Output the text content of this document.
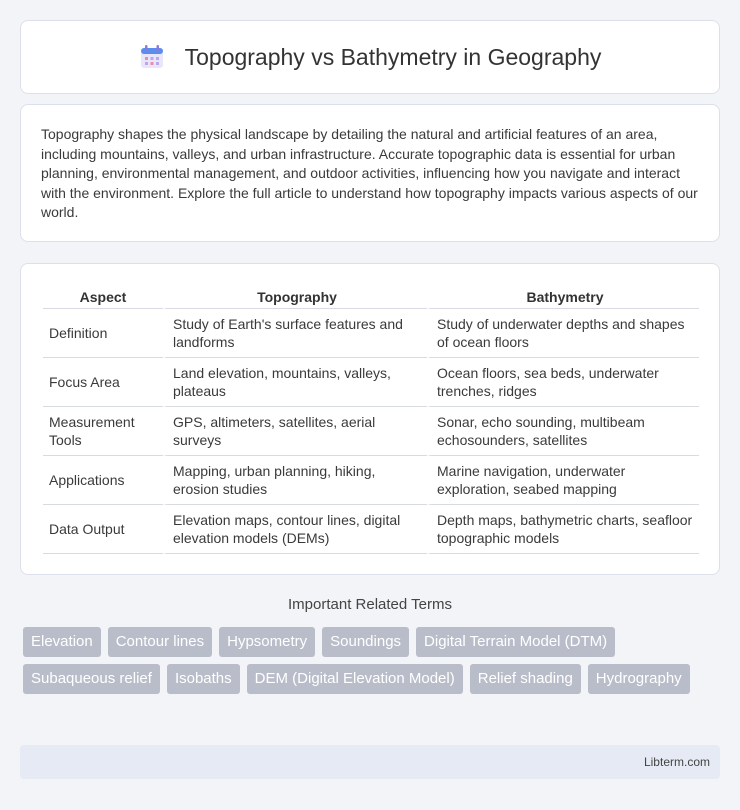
Topography vs Bathymetry in Geography

Topography shapes the physical landscape by detailing the natural and artificial features of an area, including mountains, valleys, and urban infrastructure. Accurate topographic data is essential for urban planning, environmental management, and outdoor activities, influencing how you navigate and interact with the environment. Explore the full article to understand how topography impacts various aspects of our world.

Aspect	Topography	Bathymetry
Definition	Study of Earth's surface features and landforms	Study of underwater depths and shapes of ocean floors
Focus Area	Land elevation, mountains, valleys, plateaus	Ocean floors, sea beds, underwater trenches, ridges
Measurement Tools	GPS, altimeters, satellites, aerial surveys	Sonar, echo sounding, multibeam echosounders, satellites
Applications	Mapping, urban planning, hiking, erosion studies	Marine navigation, underwater exploration, seabed mapping
Data Output	Elevation maps, contour lines, digital elevation models (DEMs)	Depth maps, bathymetric charts, seafloor topographic models
Important Related Terms
Elevation	Contour lines	Hypsometry	Soundings	Digital Terrain Model (DTM)
Subaqueous relief	Isobaths	DEM (Digital Elevation Model)	Relief shading	Hydrography
Libterm.com
